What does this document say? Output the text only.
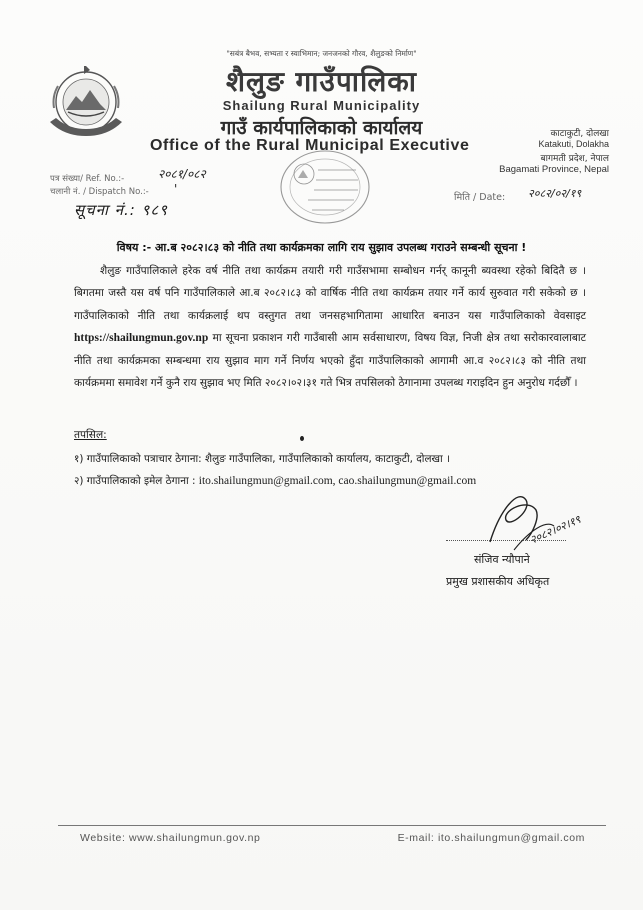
"सबंत्र बैभव, सभ्यता र स्वाभिमान; जनजनको गौरव, शैलुङको निर्माण"
शैलुङ गाउँपालिका
Shailung Rural Municipality
गाउँ कार्यपालिकाको कार्यालय
Office of the Rural Municipal Executive
काटाकुटी, दोलखा
Katakuti, Dolakha
बागमती प्रदेश, नेपाल
Bagamati Province, Nepal
पत्र संख्या/ Ref. No.:-	२०८१/०८२
चलानी नं. / Dispatch No.:- '
सूचना नं.: ९८९
मिति / Date: २०८२/०२/१९
विषय :- आ.ब २०८२।८३ को नीति तथा कार्यक्रमका लागि राय सुझाव उपलब्ध गराउने सम्बन्धी सूचना !
शैलुङ गाउँपालिकाले हरेक वर्ष नीति तथा कार्यक्रम तयारी गरी गाउँसभामा सम्बोधन गर्नर् कानूनी ब्यवस्था रहेको बिदितै छ । बिगतमा जस्तै यस वर्ष पनि गाउँपालिकाले आ.ब २०८२।८३ को वार्षिक नीति तथा कार्यक्रम तयार गर्ने कार्य सुरुवात गरी सकेको छ । गाउँपालिकाको नीति तथा कार्यक्रलाई थप वस्तुगत तथा जनसहभागितामा आधारित बनाउन यस गाउँपालिकाको वेवसाइट https://shailungmun.gov.np मा सूचना प्रकाशन गरी गाउँबासी आम सर्वसाधारण, विषय विज्ञ, निजी क्षेत्र तथा सरोकारवालाबाट नीति तथा कार्यक्रमका सम्बन्धमा राय सुझाव माग गर्ने निर्णय भएको हुँदा गाउँपालिकाको आगामी आ.व २०८२।८३ को नीति तथा कार्यक्रममा समावेश गर्ने कुनै राय सुझाव भए मिति २०८२।०२।३१ गते भित्र तपसिलको ठेगानामा उपलब्ध गराइदिन हुन अनुरोध गर्दछौँ ।
तपसिल:
१) गाउँपालिकाको पत्राचार ठेगाना: शैलुङ गाउँपालिका, गाउँपालिकाको कार्यालय, काटाकुटी, दोलखा ।
२) गाउँपालिकाको इमेल ठेगाना : ito.shailungmun@gmail.com, cao.shailungmun@gmail.com
२०८२।०२।१९
संजिव न्यौपाने
प्रमुख प्रशासकीय अधिकृत
Website: www.shailungmun.gov.np	E-mail: ito.shailungmun@gmail.com
